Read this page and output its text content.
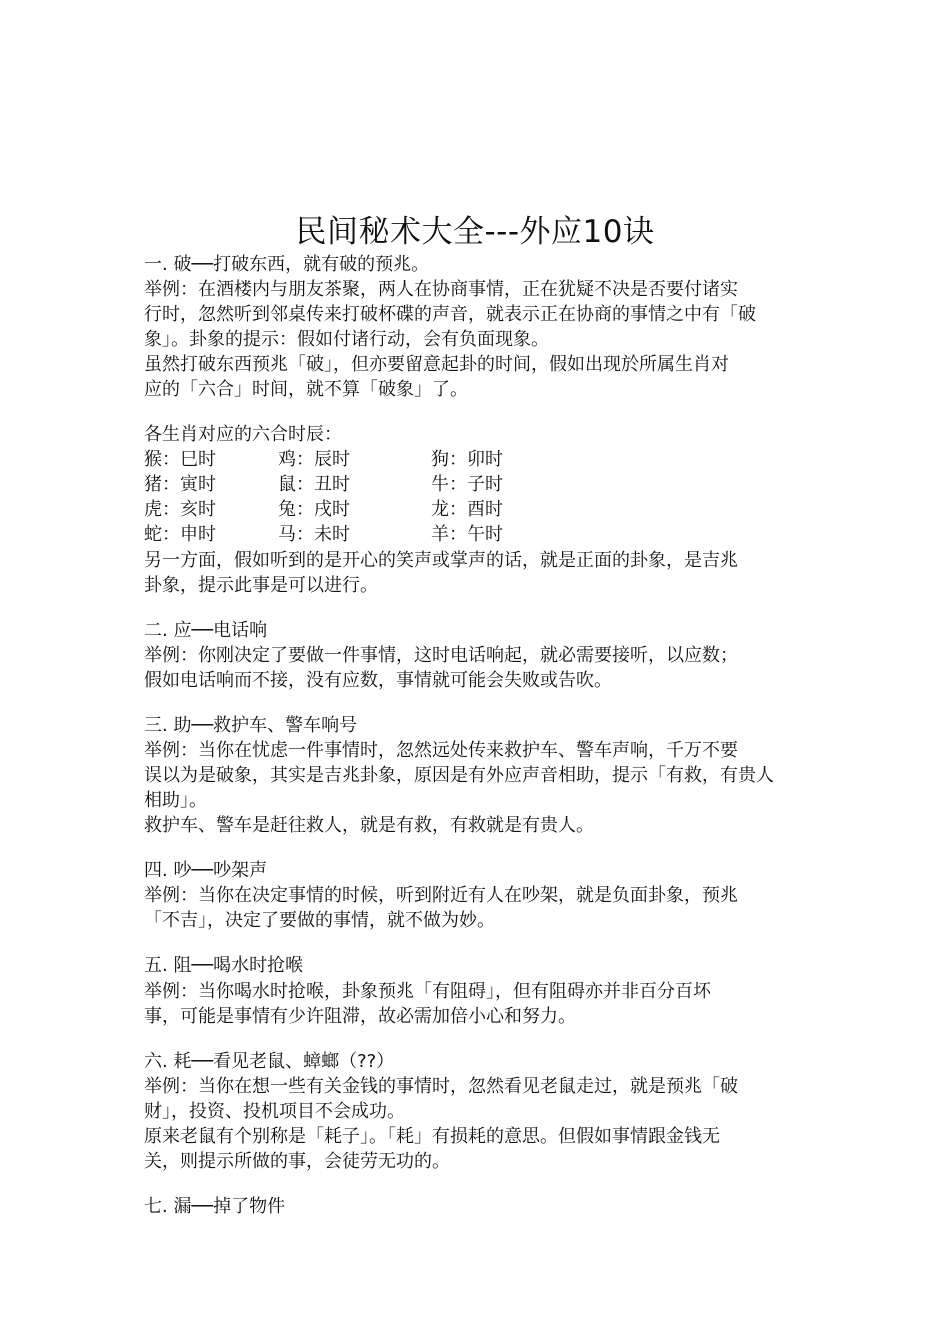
民间秘术大全---外应10诀
一. 破──打破东西，就有破的预兆。
举例：在酒楼内与朋友茶聚，两人在协商事情，正在犹疑不决是否要付诸实
行时，忽然听到邻桌传来打破杯碟的声音，就表示正在协商的事情之中有「破
象」。卦象的提示：假如付诸行动，会有负面现象。
虽然打破东西预兆「破」，但亦要留意起卦的时间，假如出现於所属生肖对
应的「六合」时间，就不算「破象」了。
各生肖对应的六合时辰：
猴：巳时	鸡：辰时	狗：卯时
猪：寅时	鼠：丑时	牛：子时
虎：亥时	兔：戌时	龙：酉时
蛇：申时	马：未时	羊：午时
另一方面，假如听到的是开心的笑声或掌声的话，就是正面的卦象，是吉兆
卦象，提示此事是可以进行。
二. 应──电话响
举例：你刚决定了要做一件事情，这时电话响起，就必需要接听，以应数；
假如电话响而不接，没有应数，事情就可能会失败或告吹。
三. 助──救护车、警车响号
举例：当你在忧虑一件事情时，忽然远处传来救护车、警车声响，千万不要
误以为是破象，其实是吉兆卦象，原因是有外应声音相助，提示「有救，有贵人
相助」。
救护车、警车是赶往救人，就是有救，有救就是有贵人。
四. 吵──吵架声
举例：当你在决定事情的时候，听到附近有人在吵架，就是负面卦象，预兆
「不吉」，决定了要做的事情，就不做为妙。
五. 阻──喝水时抢喉
举例：当你喝水时抢喉，卦象预兆「有阻碍」，但有阻碍亦并非百分百坏
事，可能是事情有少许阻滞，故必需加倍小心和努力。
六. 耗──看见老鼠、蟑螂（??）
举例：当你在想一些有关金钱的事情时，忽然看见老鼠走过，就是预兆「破
财」，投资、投机项目不会成功。
原来老鼠有个别称是「耗子」。「耗」有损耗的意思。但假如事情跟金钱无
关，则提示所做的事，会徒劳无功的。
七. 漏──掉了物件
